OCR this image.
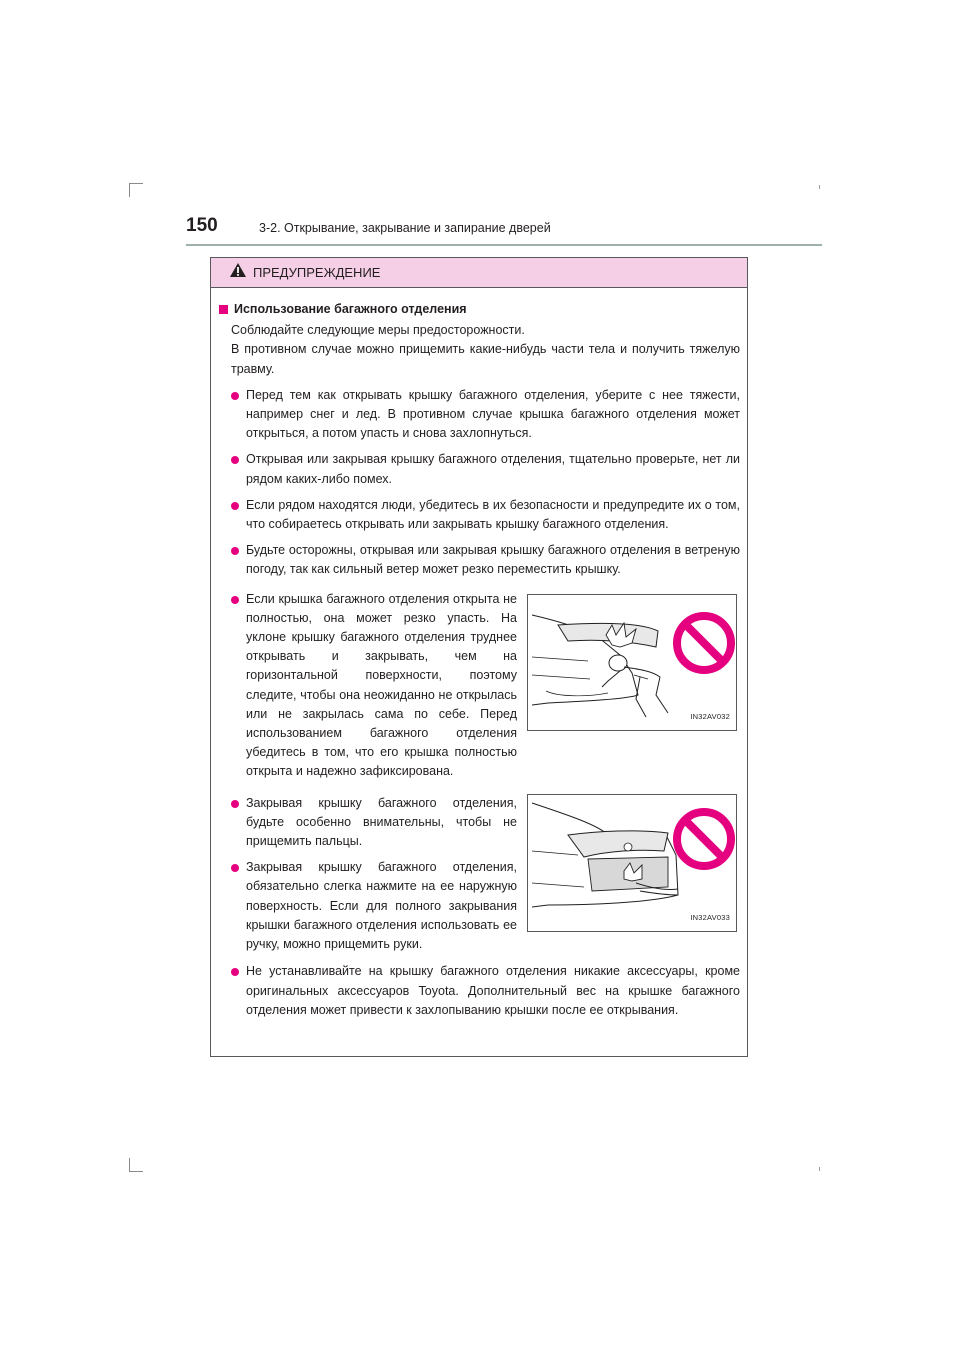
150	3-2. Открывание, закрывание и запирание дверей
ПРЕДУПРЕЖДЕНИЕ
Использование багажного отделения
Соблюдайте следующие меры предосторожности.
В противном случае можно прищемить какие-нибудь части тела и получить тяжелую травму.
Перед тем как открывать крышку багажного отделения, уберите с нее тяжести, например снег и лед. В противном случае крышка багажного отделения может открыться, а потом упасть и снова захлопнуться.
Открывая или закрывая крышку багажного отделения, тщательно проверьте, нет ли рядом каких-либо помех.
Если рядом находятся люди, убедитесь в их безопасности и предупредите их о том, что собираетесь открывать или закрывать крышку багажного отделения.
Будьте осторожны, открывая или закрывая крышку багажного отделения в ветреную погоду, так как сильный ветер может резко переместить крышку.
Если крышка багажного отделения открыта не полностью, она может резко упасть. На уклоне крышку багажного отделения труднее открывать и закрывать, чем на горизонтальной поверхности, поэтому следите, чтобы она неожиданно не открылась или не закрылась сама по себе. Перед использованием багажного отделения убедитесь в том, что его крышка полностью открыта и надежно зафиксирована.
IN32AV032
Закрывая крышку багажного отделения, будьте особенно внимательны, чтобы не прищемить пальцы.
Закрывая крышку багажного отделения, обязательно слегка нажмите на ее наружную поверхность. Если для полного закрывания крышки багажного отделения использовать ее ручку, можно прищемить руки.
IN32AV033
Не устанавливайте на крышку багажного отделения никакие аксессуары, кроме оригинальных аксессуаров Toyota. Дополнительный вес на крышке багажного отделения может привести к захлопыванию крышки после ее открывания.
